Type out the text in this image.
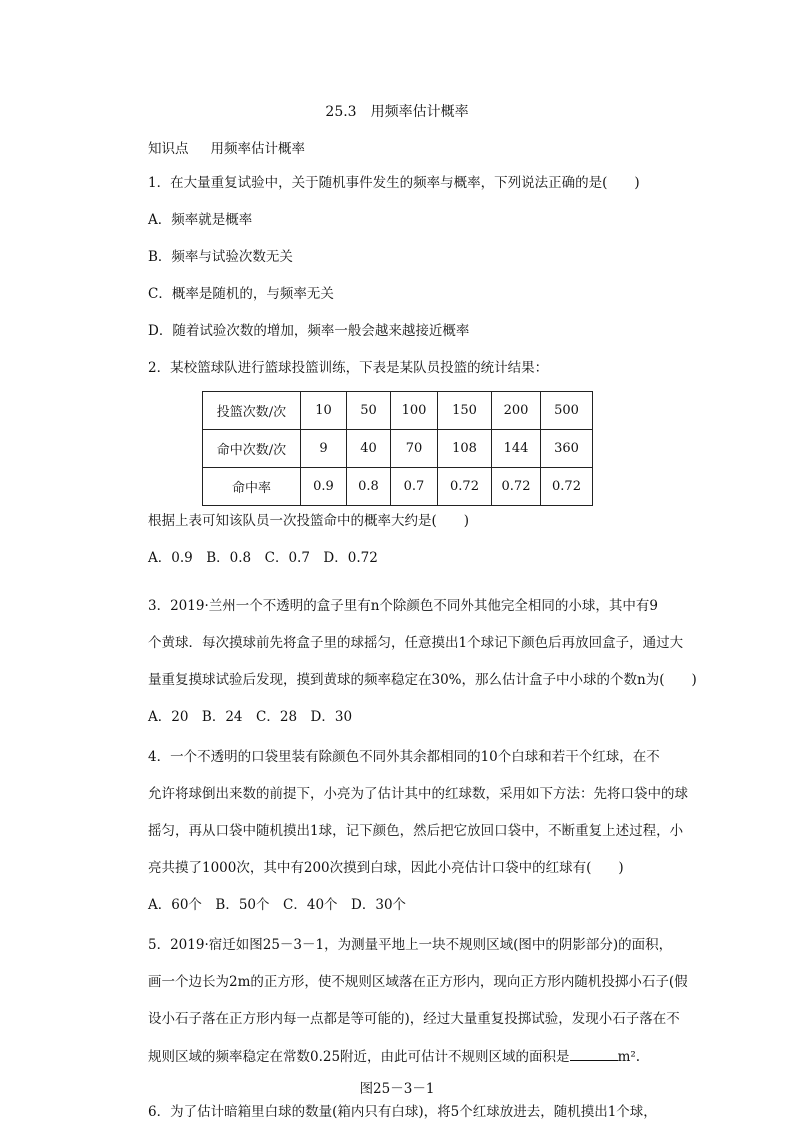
25.3　用频率估计概率
知识点 用频率估计概率
1．在大量重复试验中，关于随机事件发生的频率与概率，下列说法正确的是(　　)
A．频率就是概率
B．频率与试验次数无关
C．概率是随机的，与频率无关
D．随着试验次数的增加，频率一般会越来越接近概率
2．某校篮球队进行篮球投篮训练，下表是某队员投篮的统计结果：
投篮次数/次	10	50	100	150	200	500
命中次数/次	9	40	70	108	144	360
命中率	0.9	0.8	0.7	0.72	0.72	0.72
根据上表可知该队员一次投篮命中的概率大约是(　　)
A．0.9　B．0.8　C．0.7　D．0.72
3．2019·兰州一个不透明的盒子里有n个除颜色不同外其他完全相同的小球，其中有9
个黄球．每次摸球前先将盒子里的球摇匀，任意摸出1个球记下颜色后再放回盒子，通过大
量重复摸球试验后发现，摸到黄球的频率稳定在30%，那么估计盒子中小球的个数n为(　　)
A．20　B．24　C．28　D．30
4．一个不透明的口袋里装有除颜色不同外其余都相同的10个白球和若干个红球，在不
允许将球倒出来数的前提下，小亮为了估计其中的红球数，采用如下方法：先将口袋中的球
摇匀，再从口袋中随机摸出1球，记下颜色，然后把它放回口袋中，不断重复上述过程，小
亮共摸了1000次，其中有200次摸到白球，因此小亮估计口袋中的红球有(　　)
A．60个　B．50个　C．40个　D．30个
5．2019·宿迁如图25－3－1，为测量平地上一块不规则区域(图中的阴影部分)的面积，
画一个边长为2m的正方形，使不规则区域落在正方形内，现向正方形内随机投掷小石子(假
设小石子落在正方形内每一点都是等可能的)，经过大量重复投掷试验，发现小石子落在不
规则区域的频率稳定在常数0.25附近，由此可估计不规则区域的面积是	m².
图25－3－1
6．为了估计暗箱里白球的数量(箱内只有白球)，将5个红球放进去，随机摸出1个球，
